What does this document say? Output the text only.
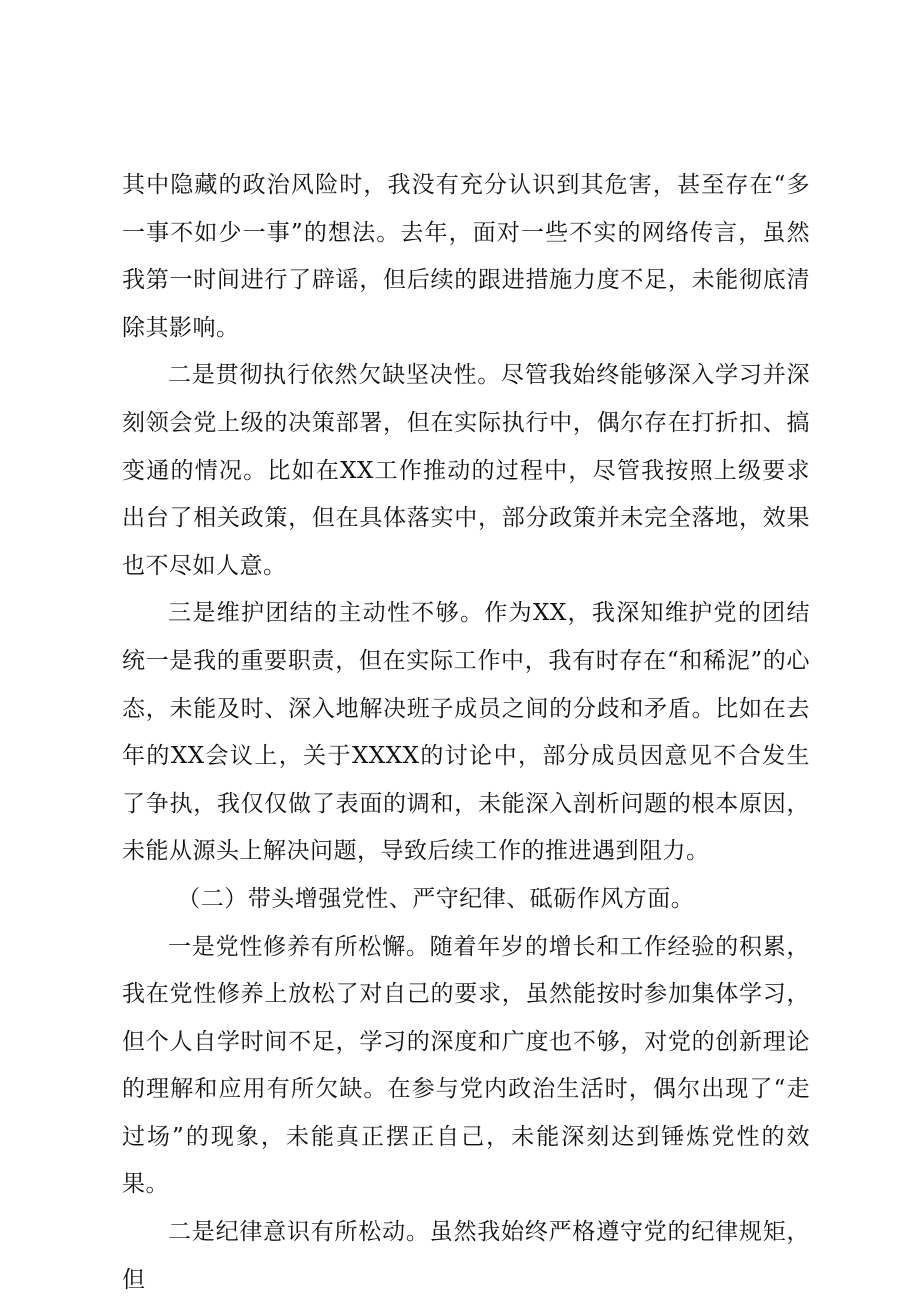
其中隐藏的政治风险时，我没有充分认识到其危害，甚至存在“多一事不如少一事”的想法。去年，面对一些不实的网络传言，虽然我第一时间进行了辟谣，但后续的跟进措施力度不足，未能彻底清除其影响。

二是贯彻执行依然欠缺坚决性。尽管我始终能够深入学习并深刻领会党上级的决策部署，但在实际执行中，偶尔存在打折扣、搞变通的情况。比如在XX工作推动的过程中，尽管我按照上级要求出台了相关政策，但在具体落实中，部分政策并未完全落地，效果也不尽如人意。

三是维护团结的主动性不够。作为XX，我深知维护党的团结统一是我的重要职责，但在实际工作中，我有时存在“和稀泥”的心态，未能及时、深入地解决班子成员之间的分歧和矛盾。比如在去年的XX会议上，关于XXXX的讨论中，部分成员因意见不合发生了争执，我仅仅做了表面的调和，未能深入剖析问题的根本原因，未能从源头上解决问题，导致后续工作的推进遇到阻力。

（二）带头增强党性、严守纪律、砥砺作风方面。

一是党性修养有所松懈。随着年岁的增长和工作经验的积累，我在党性修养上放松了对自己的要求，虽然能按时参加集体学习，但个人自学时间不足，学习的深度和广度也不够，对党的创新理论的理解和应用有所欠缺。在参与党内政治生活时，偶尔出现了“走过场”的现象，未能真正摆正自己，未能深刻达到锤炼党性的效果。

二是纪律意识有所松动。虽然我始终严格遵守党的纪律规矩，但
